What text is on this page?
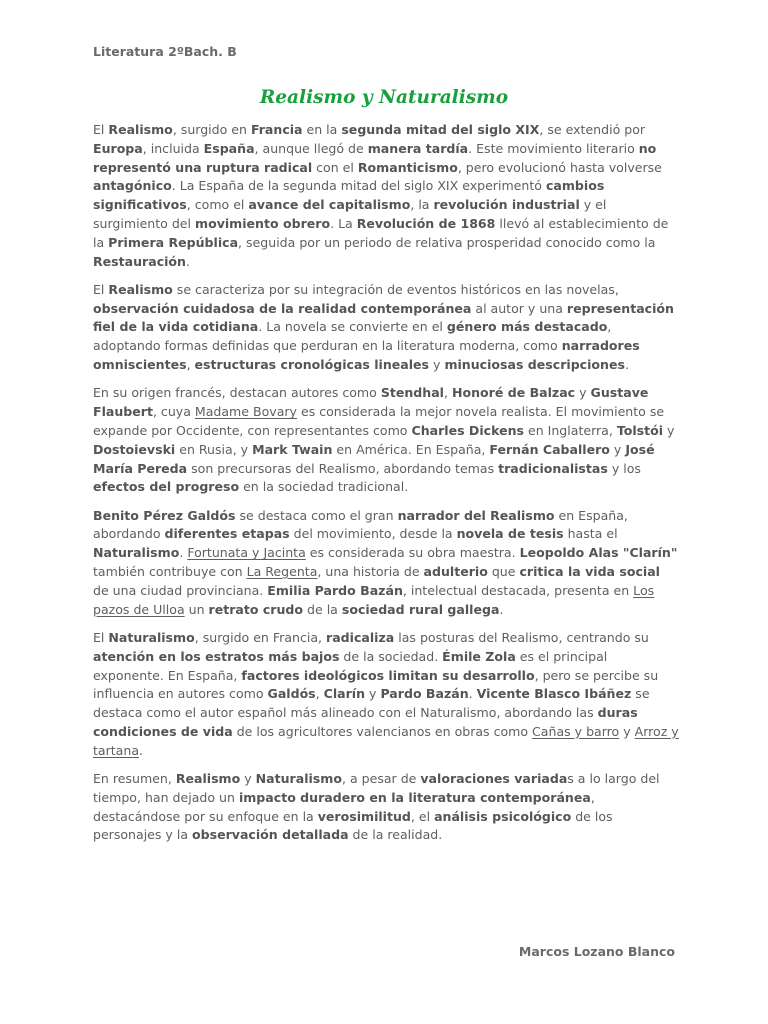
Literatura 2ºBach. B
Realismo y Naturalismo

El Realismo, surgido en Francia en la segunda mitad del siglo XIX, se extendió por Europa, incluida España, aunque llegó de manera tardía. Este movimiento literario no representó una ruptura radical con el Romanticismo, pero evolucionó hasta volverse antagónico. La España de la segunda mitad del siglo XIX experimentó cambios significativos, como el avance del capitalismo, la revolución industrial y el surgimiento del movimiento obrero. La Revolución de 1868 llevó al establecimiento de la Primera República, seguida por un periodo de relativa prosperidad conocido como la Restauración.

El Realismo se caracteriza por su integración de eventos históricos en las novelas, observación cuidadosa de la realidad contemporánea al autor y una representación fiel de la vida cotidiana. La novela se convierte en el género más destacado, adoptando formas definidas que perduran en la literatura moderna, como narradores omniscientes, estructuras cronológicas lineales y minuciosas descripciones.

En su origen francés, destacan autores como Stendhal, Honoré de Balzac y Gustave Flaubert, cuya Madame Bovary es considerada la mejor novela realista. El movimiento se expande por Occidente, con representantes como Charles Dickens en Inglaterra, Tolstói y Dostoievski en Rusia, y Mark Twain en América. En España, Fernán Caballero y José María Pereda son precursoras del Realismo, abordando temas tradicionalistas y los efectos del progreso en la sociedad tradicional.

Benito Pérez Galdós se destaca como el gran narrador del Realismo en España, abordando diferentes etapas del movimiento, desde la novela de tesis hasta el Naturalismo. Fortunata y Jacinta es considerada su obra maestra. Leopoldo Alas "Clarín" también contribuye con La Regenta, una historia de adulterio que critica la vida social de una ciudad provinciana. Emilia Pardo Bazán, intelectual destacada, presenta en Los pazos de Ulloa un retrato crudo de la sociedad rural gallega.

El Naturalismo, surgido en Francia, radicaliza las posturas del Realismo, centrando su atención en los estratos más bajos de la sociedad. Émile Zola es el principal exponente. En España, factores ideológicos limitan su desarrollo, pero se percibe su influencia en autores como Galdós, Clarín y Pardo Bazán. Vicente Blasco Ibáñez se destaca como el autor español más alineado con el Naturalismo, abordando las duras condiciones de vida de los agricultores valencianos en obras como Cañas y barro y Arroz y tartana.

En resumen, Realismo y Naturalismo, a pesar de valoraciones variadas a lo largo del tiempo, han dejado un impacto duradero en la literatura contemporánea, destacándose por su enfoque en la verosimilitud, el análisis psicológico de los personajes y la observación detallada de la realidad.

Marcos Lozano Blanco
